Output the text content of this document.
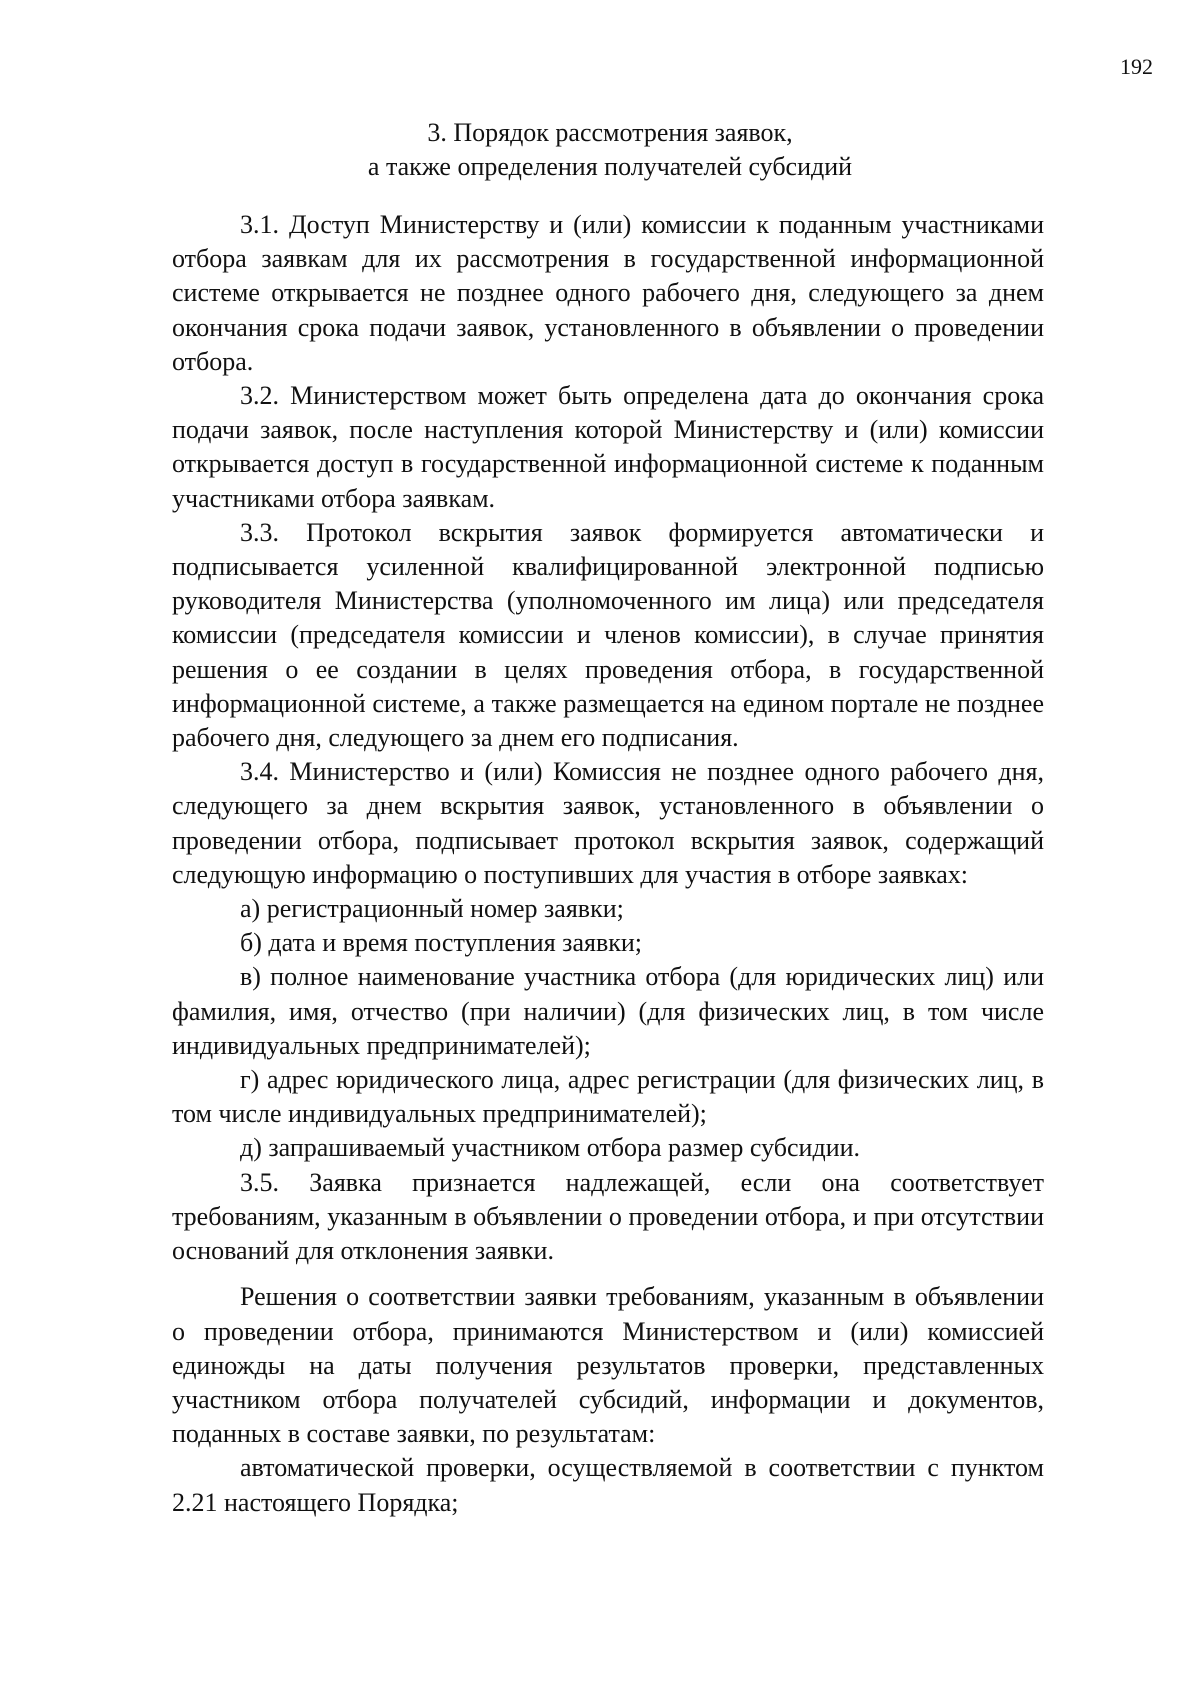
192
3. Порядок рассмотрения заявок,
а также определения получателей субсидий

3.1. Доступ Министерству и (или) комиссии к поданным участниками отбора заявкам для их рассмотрения в государственной информационной системе открывается не позднее одного рабочего дня, следующего за днем окончания срока подачи заявок, установленного в объявлении о проведении отбора.

3.2. Министерством может быть определена дата до окончания срока подачи заявок, после наступления которой Министерству и (или) комиссии открывается доступ в государственной информационной системе к поданным участниками отбора заявкам.

3.3. Протокол вскрытия заявок формируется автоматически и подписывается усиленной квалифицированной электронной подписью руководителя Министерства (уполномоченного им лица) или председателя комиссии (председателя комиссии и членов комиссии), в случае принятия решения о ее создании в целях проведения отбора, в государственной информационной системе, а также размещается на едином портале не позднее рабочего дня, следующего за днем его подписания.

3.4. Министерство и (или) Комиссия не позднее одного рабочего дня, следующего за днем вскрытия заявок, установленного в объявлении о проведении отбора, подписывает протокол вскрытия заявок, содержащий следующую информацию о поступивших для участия в отборе заявках:

а) регистрационный номер заявки;

б) дата и время поступления заявки;

в) полное наименование участника отбора (для юридических лиц) или фамилия, имя, отчество (при наличии) (для физических лиц, в том числе индивидуальных предпринимателей);

г) адрес юридического лица, адрес регистрации (для физических лиц, в том числе индивидуальных предпринимателей);

д) запрашиваемый участником отбора размер субсидии.

3.5. Заявка признается надлежащей, если она соответствует требованиям, указанным в объявлении о проведении отбора, и при отсутствии оснований для отклонения заявки.

Решения о соответствии заявки требованиям, указанным в объявлении о проведении отбора, принимаются Министерством и (или) комиссией единожды на даты получения результатов проверки, представленных участником отбора получателей субсидий, информации и документов, поданных в составе заявки, по результатам:

автоматической проверки, осуществляемой в соответствии с пунктом 2.21 настоящего Порядка;
